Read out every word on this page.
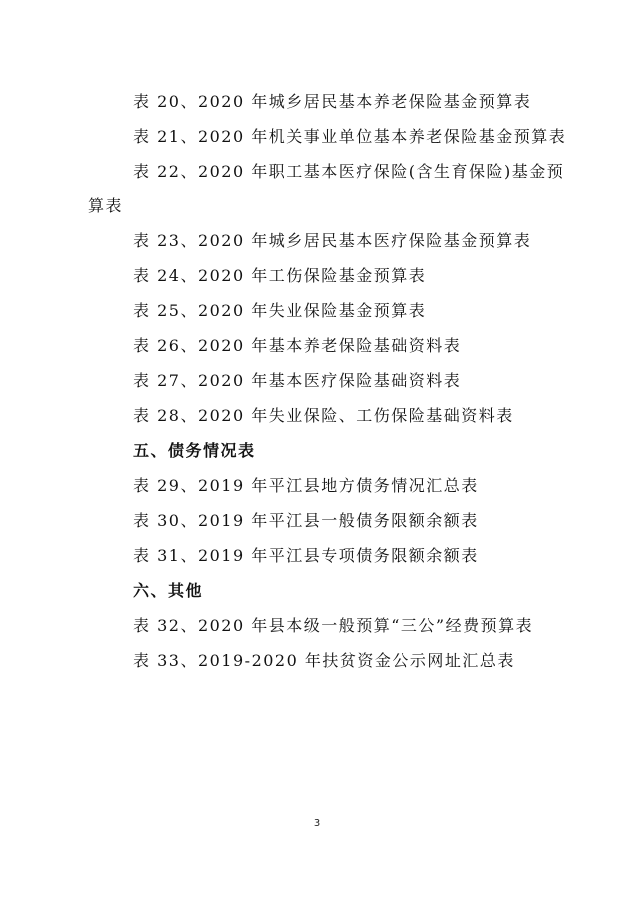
表 20、2020 年城乡居民基本养老保险基金预算表
表 21、2020 年机关事业单位基本养老保险基金预算表
表 22、2020 年职工基本医疗保险(含生育保险)基金预
算表
表 23、2020 年城乡居民基本医疗保险基金预算表
表 24、2020 年工伤保险基金预算表
表 25、2020 年失业保险基金预算表
表 26、2020 年基本养老保险基础资料表
表 27、2020 年基本医疗保险基础资料表
表 28、2020 年失业保险、工伤保险基础资料表
五、债务情况表
表 29、2019 年平江县地方债务情况汇总表
表 30、2019 年平江县一般债务限额余额表
表 31、2019 年平江县专项债务限额余额表
六、其他
表 32、2020 年县本级一般预算“三公”经费预算表
表 33、2019-2020 年扶贫资金公示网址汇总表
3
